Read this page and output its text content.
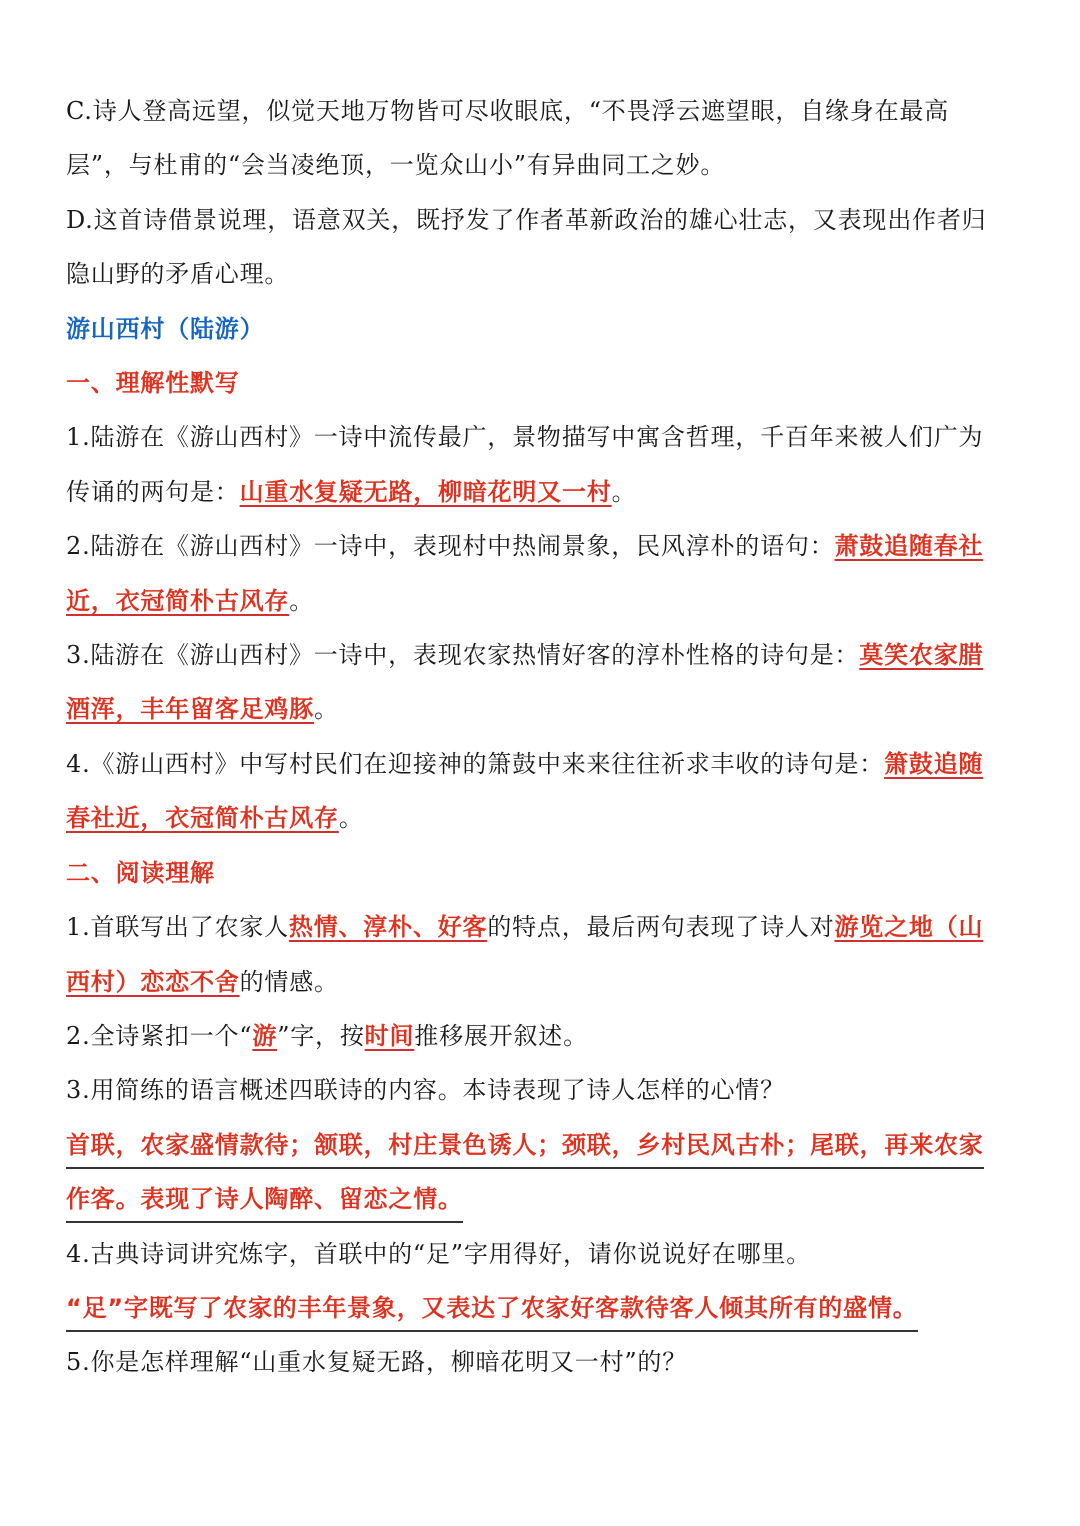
C.诗人登高远望，似觉天地万物皆可尽收眼底，“不畏浮云遮望眼，自缘身在最高
层”，与杜甫的“会当凌绝顶，一览众山小”有异曲同工之妙。
D.这首诗借景说理，语意双关，既抒发了作者革新政治的雄心壮志，又表现出作者归
隐山野的矛盾心理。
游山西村（陆游）
一、理解性默写
1.陆游在《游山西村》一诗中流传最广，景物描写中寓含哲理，千百年来被人们广为
传诵的两句是：山重水复疑无路，柳暗花明又一村。
2.陆游在《游山西村》一诗中，表现村中热闹景象，民风淳朴的语句：萧鼓追随春社
近，衣冠简朴古风存。
3.陆游在《游山西村》一诗中，表现农家热情好客的淳朴性格的诗句是：莫笑农家腊
酒浑，丰年留客足鸡豚。
4.《游山西村》中写村民们在迎接神的箫鼓中来来往往祈求丰收的诗句是：箫鼓追随
春社近，衣冠简朴古风存。
二、阅读理解
1.首联写出了农家人热情、淳朴、好客的特点，最后两句表现了诗人对游览之地（山
西村）恋恋不舍的情感。
2.全诗紧扣一个“游”字，按时间推移展开叙述。
3.用简练的语言概述四联诗的内容。本诗表现了诗人怎样的心情？
首联，农家盛情款待；颔联，村庄景色诱人；颈联，乡村民风古朴；尾联，再来农家
作客。表现了诗人陶醉、留恋之情。
4.古典诗词讲究炼字，首联中的“足”字用得好，请你说说好在哪里。
“足”字既写了农家的丰年景象，又表达了农家好客款待客人倾其所有的盛情。
5.你是怎样理解“山重水复疑无路，柳暗花明又一村”的？
